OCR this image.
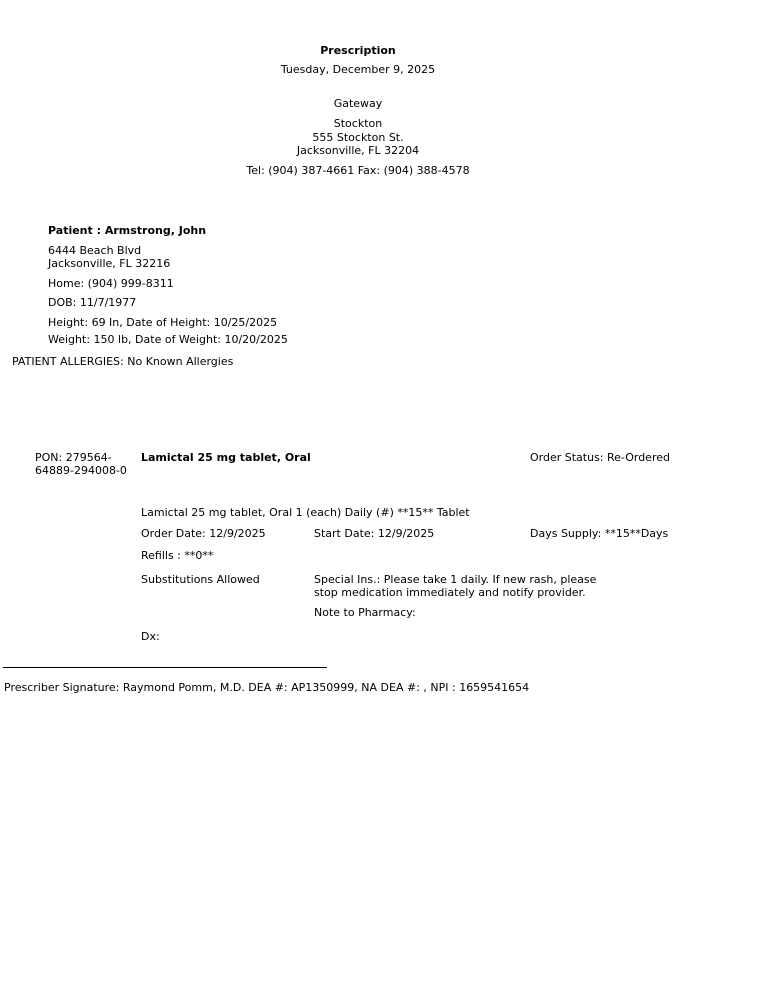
Prescription
Tuesday, December 9, 2025
Gateway
Stockton
555 Stockton St.
Jacksonville, FL 32204
Tel: (904) 387-4661 Fax: (904) 388-4578
Patient : Armstrong, John
6444 Beach Blvd
Jacksonville, FL 32216
Home: (904) 999-8311
DOB: 11/7/1977
Height: 69 In, Date of Height: 10/25/2025
Weight: 150 lb, Date of Weight: 10/20/2025
PATIENT ALLERGIES: No Known Allergies
PON: 279564-
64889-294008-0
Lamictal 25 mg tablet, Oral	Order Status: Re-Ordered
Lamictal 25 mg tablet, Oral 1 (each) Daily (#) **15** Tablet
Order Date: 12/9/2025	Start Date: 12/9/2025	Days Supply: **15**Days
Refills : **0**
Substitutions Allowed	Special Ins.: Please take 1 daily. If new rash, please
stop medication immediately and notify provider.
Note to Pharmacy:
Dx:
Prescriber Signature: Raymond Pomm, M.D. DEA #: AP1350999, NA DEA #: , NPI : 1659541654
